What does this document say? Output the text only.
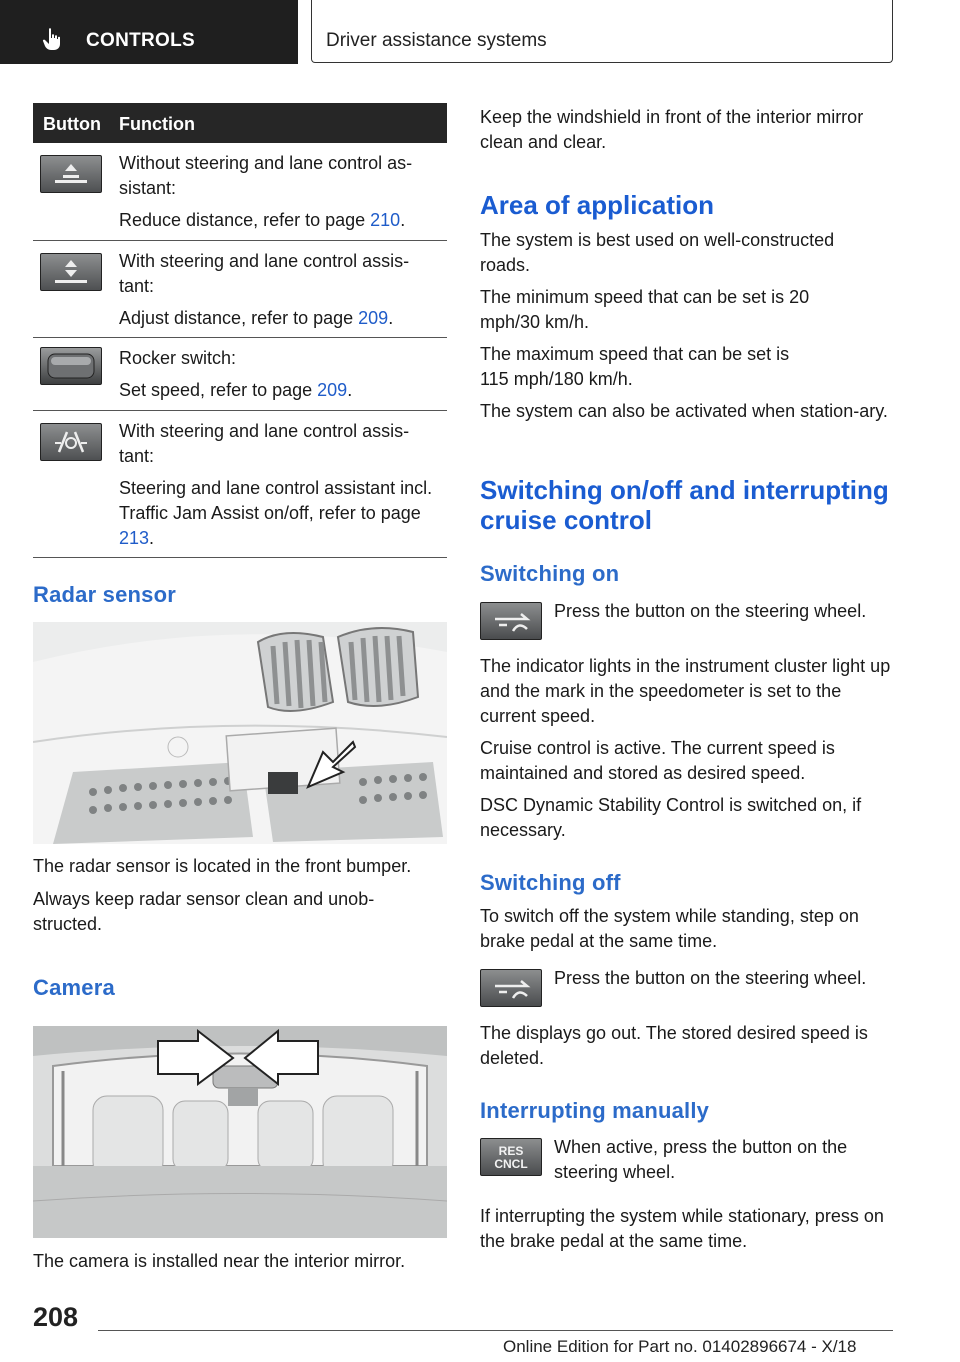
CONTROLS	Driver assistance systems
Button Function

Without steering and lane control as-
sistant:

Reduce distance, refer to page 210.

With steering and lane control assis-
tant:

Adjust distance, refer to page 209.

Rocker switch:

Set speed, refer to page 209.

With steering and lane control assis-
tant:

Steering and lane control assistant incl. Traffic Jam Assist on/off, refer to page 213.

Radar sensor

The radar sensor is located in the front bumper.

Always keep radar sensor clean and unob-structed.

Camera

The camera is installed near the interior mirror.

Keep the windshield in front of the interior mirror clean and clear.

Area of application

The system is best used on well-constructed roads.

The minimum speed that can be set is 20 mph/30 km/h.

The maximum speed that can be set is 115 mph/180 km/h.

The system can also be activated when station-ary.

Switching on/off and interrupting cruise control
Switching on

Press the button on the steering wheel.

The indicator lights in the instrument cluster light up and the mark in the speedometer is set to the current speed.

Cruise control is active. The current speed is maintained and stored as desired speed.

DSC Dynamic Stability Control is switched on, if necessary.

Switching off

To switch off the system while standing, step on brake pedal at the same time.

Press the button on the steering wheel.

The displays go out. The stored desired speed is deleted.

Interrupting manually
RES
CNCL

When active, press the button on the steering wheel.

If interrupting the system while stationary, press on the brake pedal at the same time.

208
Online Edition for Part no. 01402896674 - X/18
